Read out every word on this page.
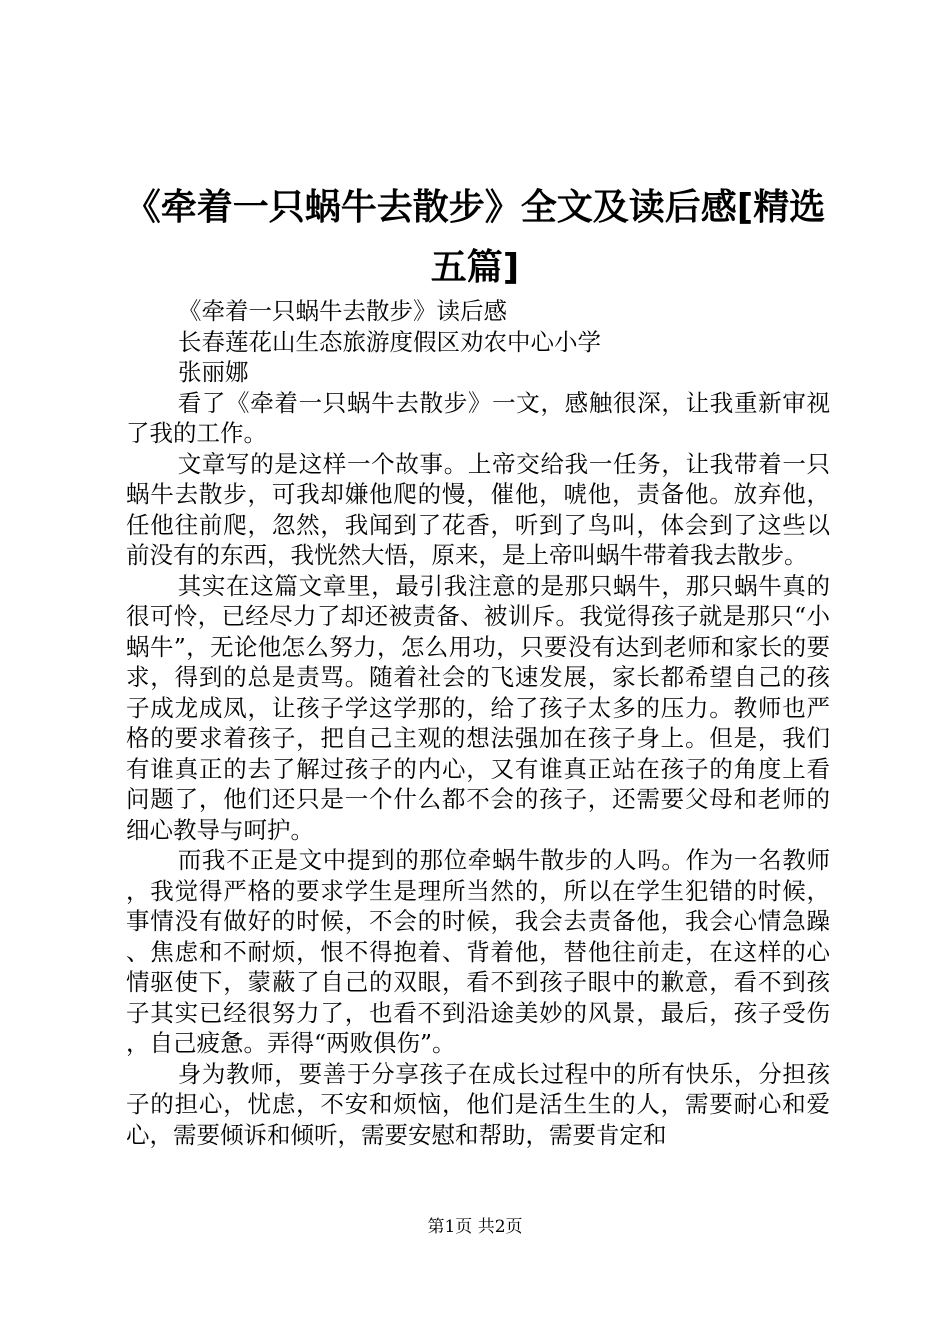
《牵着一只蜗牛去散步》全文及读后感[精选五篇]

《牵着一只蜗牛去散步》读后感

长春莲花山生态旅游度假区劝农中心小学

张丽娜

看了《牵着一只蜗牛去散步》一文，感触很深，让我重新审视了我的工作。

文章写的是这样一个故事。上帝交给我一任务，让我带着一只蜗牛去散步，可我却嫌他爬的慢，催他，唬他，责备他。放弃他，任他往前爬，忽然，我闻到了花香，听到了鸟叫，体会到了这些以前没有的东西，我恍然大悟，原来，是上帝叫蜗牛带着我去散步。

其实在这篇文章里，最引我注意的是那只蜗牛，那只蜗牛真的很可怜，已经尽力了却还被责备、被训斥。我觉得孩子就是那只“小蜗牛”，无论他怎么努力，怎么用功，只要没有达到老师和家长的要求，得到的总是责骂。随着社会的飞速发展，家长都希望自己的孩子成龙成凤，让孩子学这学那的，给了孩子太多的压力。教师也严格的要求着孩子，把自己主观的想法强加在孩子身上。但是，我们有谁真正的去了解过孩子的内心，又有谁真正站在孩子的角度上看问题了，他们还只是一个什么都不会的孩子，还需要父母和老师的细心教导与呵护。

而我不正是文中提到的那位牵蜗牛散步的人吗。作为一名教师，我觉得严格的要求学生是理所当然的，所以在学生犯错的时候，事情没有做好的时候，不会的时候，我会去责备他，我会心情急躁、焦虑和不耐烦，恨不得抱着、背着他，替他往前走，在这样的心情驱使下，蒙蔽了自己的双眼，看不到孩子眼中的歉意，看不到孩子其实已经很努力了，也看不到沿途美妙的风景，最后，孩子受伤，自己疲惫。弄得“两败俱伤”。

身为教师，要善于分享孩子在成长过程中的所有快乐，分担孩子的担心，忧虑，不安和烦恼，他们是活生生的人，需要耐心和爱心，需要倾诉和倾听，需要安慰和帮助，需要肯定和

第1页 共2页
